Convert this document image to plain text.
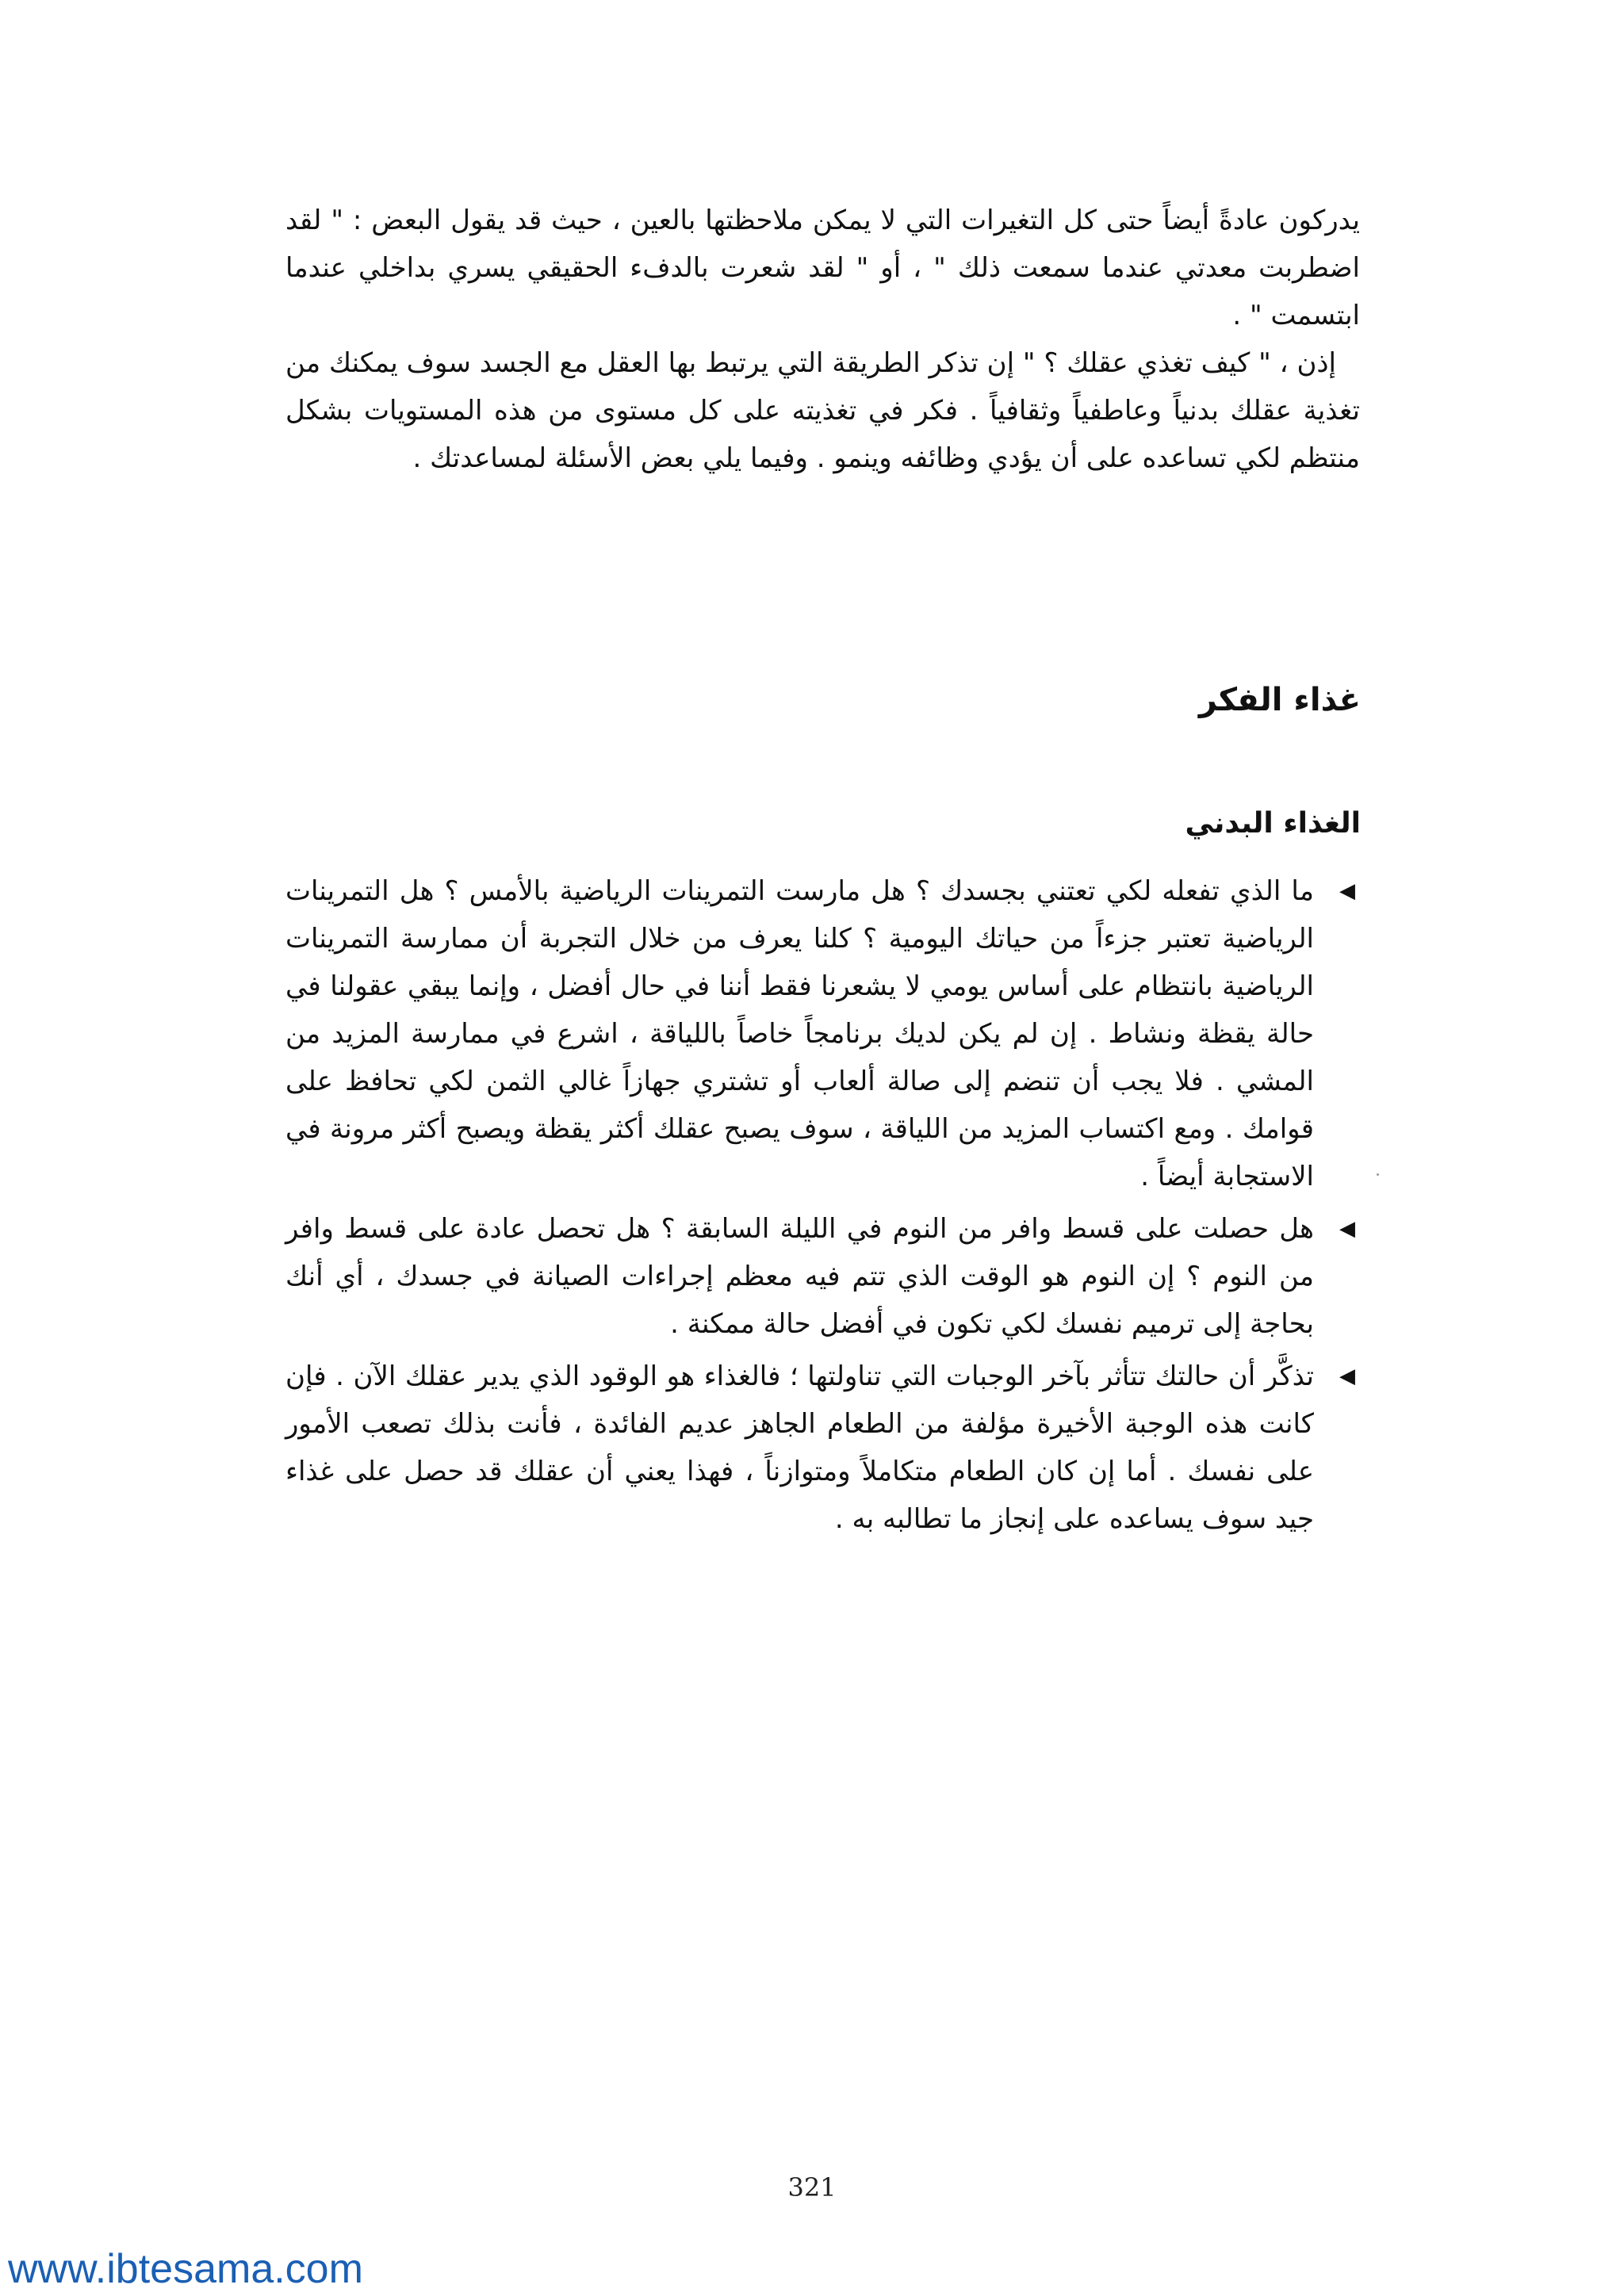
يدركون عادةً أيضاً حتى كل التغيرات التي لا يمكن ملاحظتها بالعين ، حيث قد يقول البعض : " لقد اضطربت معدتي عندما سمعت ذلك " ، أو " لقد شعرت بالدفء الحقيقي يسري بداخلي عندما ابتسمت " .

إذن ، " كيف تغذي عقلك ؟ " إن تذكر الطريقة التي يرتبط بها العقل مع الجسد سوف يمكنك من تغذية عقلك بدنياً وعاطفياً وثقافياً . فكر في تغذيته على كل مستوى من هذه المستويات بشكل منتظم لكي تساعده على أن يؤدي وظائفه وينمو . وفيما يلي بعض الأسئلة لمساعدتك .

غذاء الفكر
الغذاء البدني
◀
ما الذي تفعله لكي تعتني بجسدك ؟ هل مارست التمرينات الرياضية بالأمس ؟ هل التمرينات الرياضية تعتبر جزءاً من حياتك اليومية ؟ كلنا يعرف من خلال التجربة أن ممارسة التمرينات الرياضية بانتظام على أساس يومي لا يشعرنا فقط أننا في حال أفضل ، وإنما يبقي عقولنا في حالة يقظة ونشاط . إن لم يكن لديك برنامجاً خاصاً باللياقة ، اشرع في ممارسة المزيد من المشي . فلا يجب أن تنضم إلى صالة ألعاب أو تشتري جهازاً غالي الثمن لكي تحافظ على قوامك . ومع اكتساب المزيد من اللياقة ، سوف يصبح عقلك أكثر يقظة ويصبح أكثر مرونة في الاستجابة أيضاً .
◀
هل حصلت على قسط وافر من النوم في الليلة السابقة ؟ هل تحصل عادة على قسط وافر من النوم ؟ إن النوم هو الوقت الذي تتم فيه معظم إجراءات الصيانة في جسدك ، أي أنك بحاجة إلى ترميم نفسك لكي تكون في أفضل حالة ممكنة .
◀
تذكَّر أن حالتك تتأثر بآخر الوجبات التي تناولتها ؛ فالغذاء هو الوقود الذي يدير عقلك الآن . فإن كانت هذه الوجبة الأخيرة مؤلفة من الطعام الجاهز عديم الفائدة ، فأنت بذلك تصعب الأمور على نفسك . أما إن كان الطعام متكاملاً ومتوازناً ، فهذا يعني أن عقلك قد حصل على غذاء جيد سوف يساعده على إنجاز ما تطالبه به .
321
www.ibtesama.com
